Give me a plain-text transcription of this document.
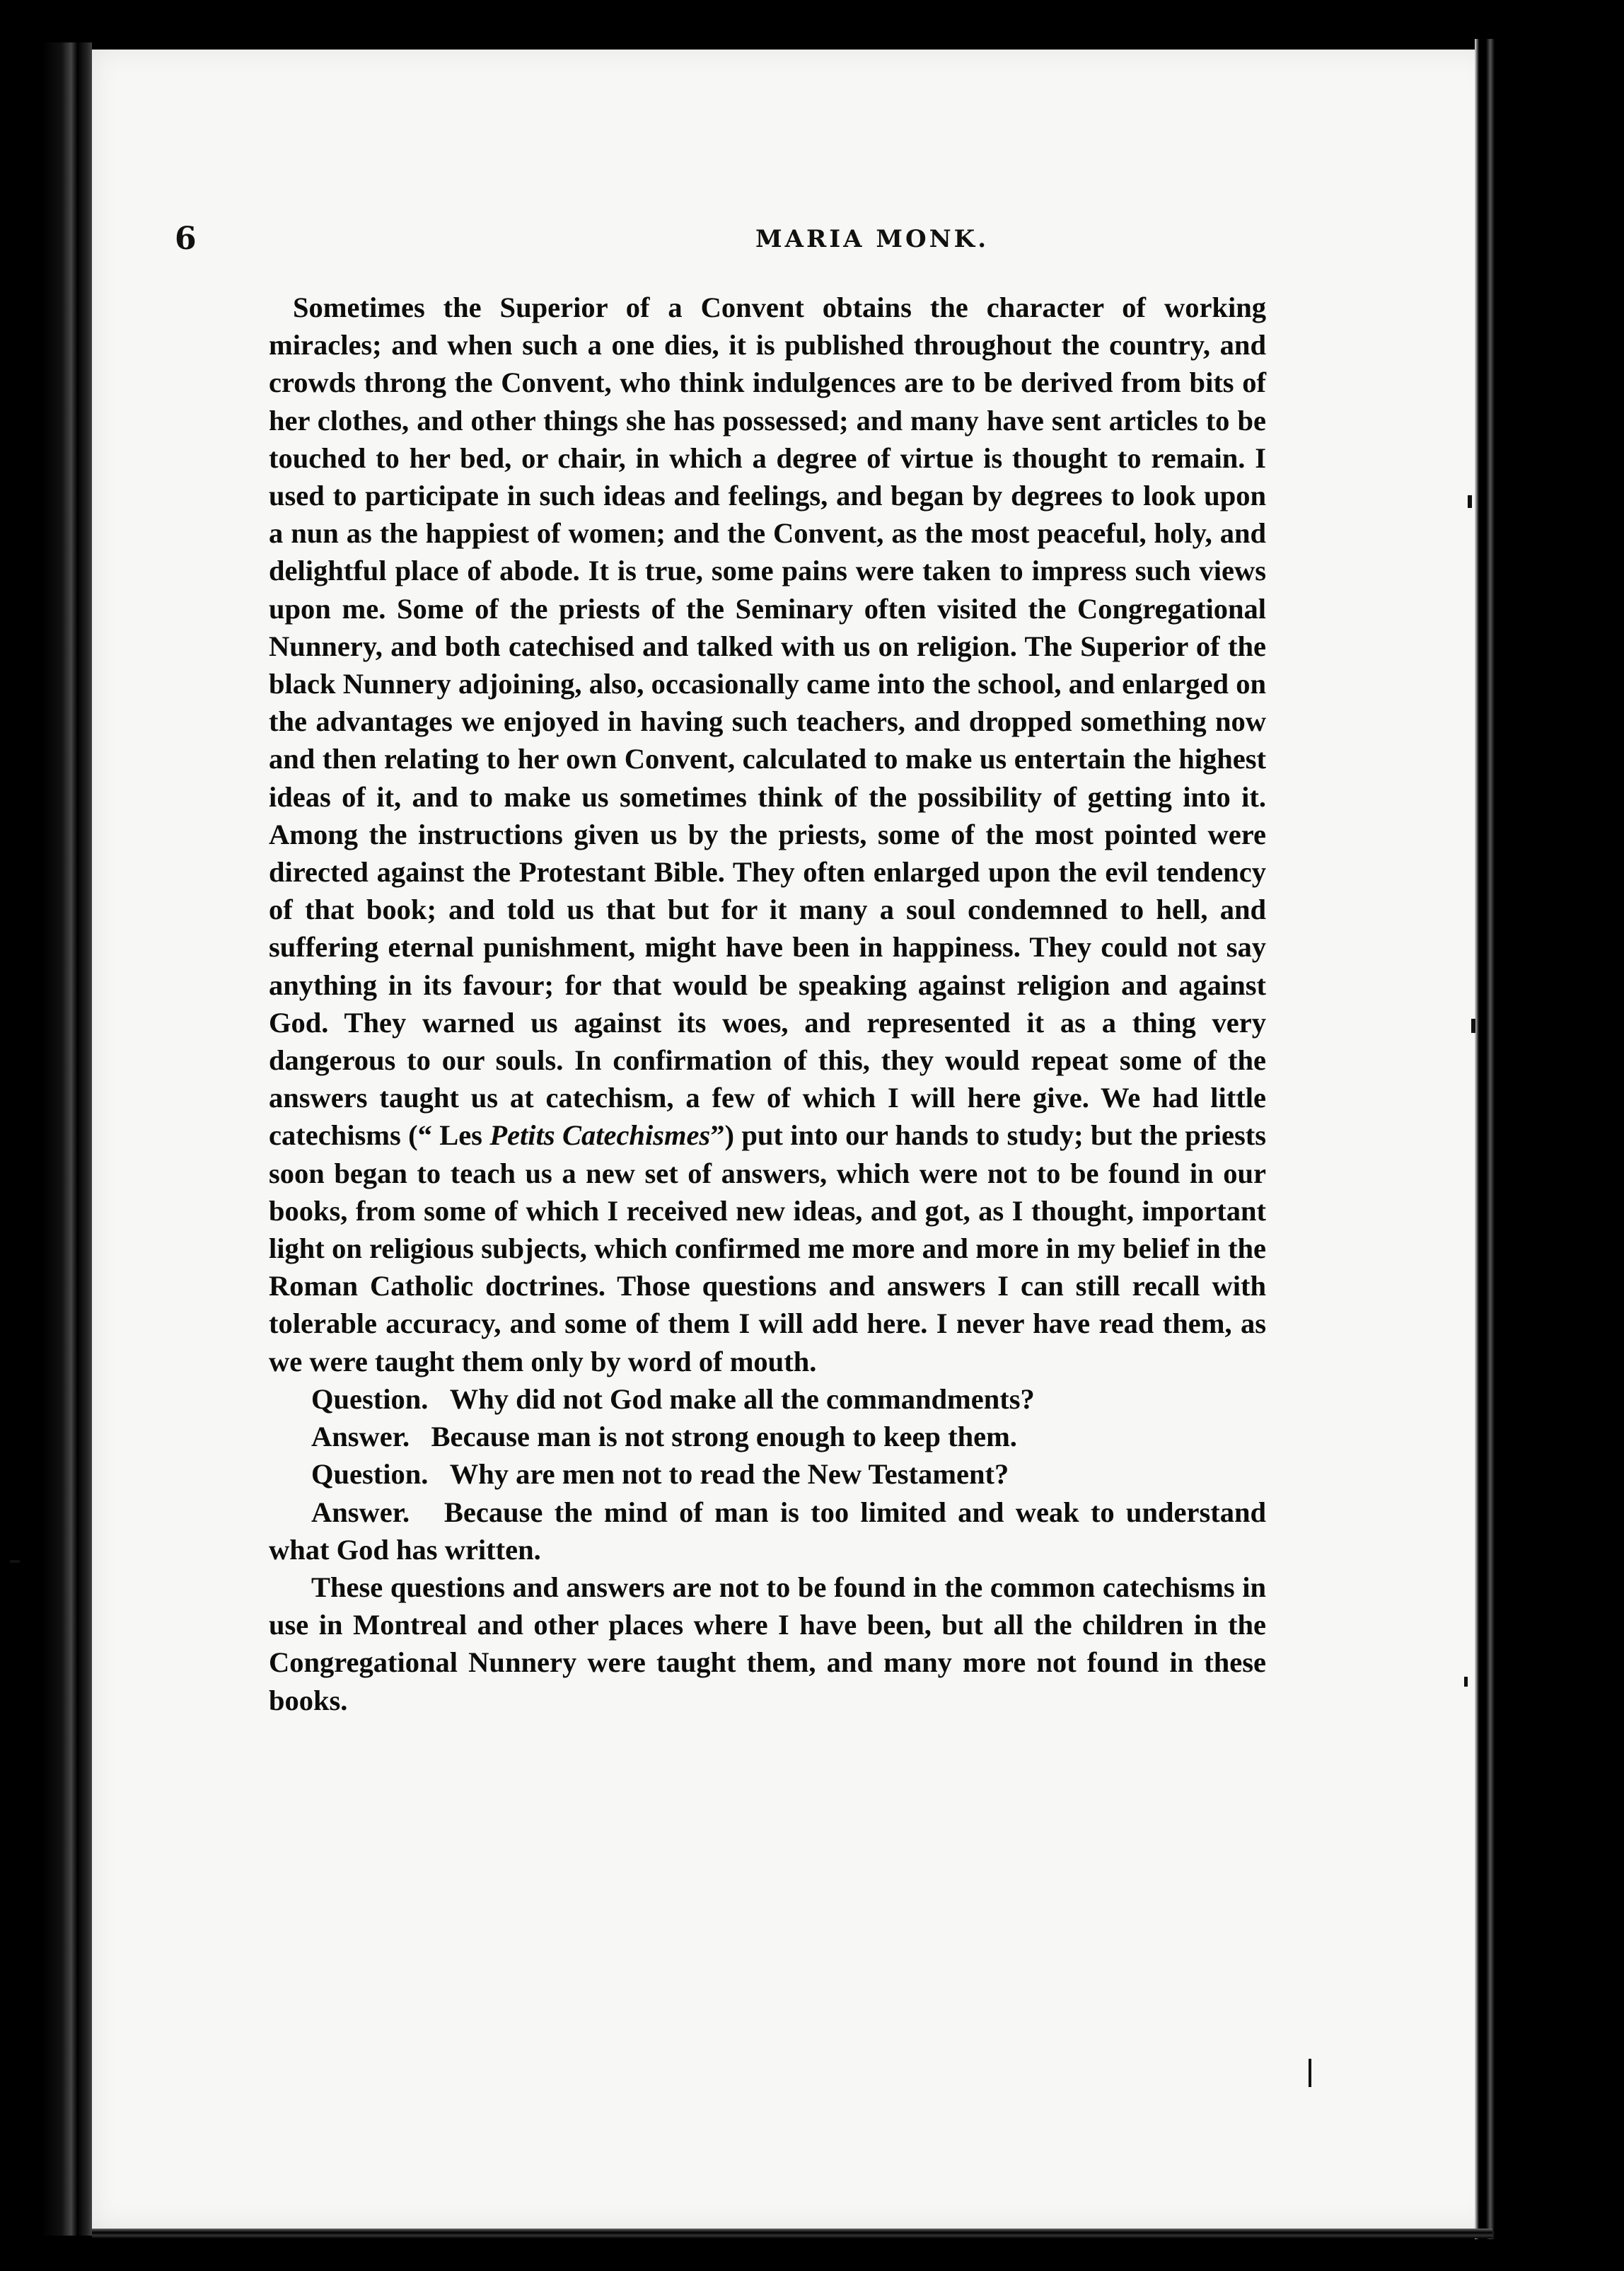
6	MARIA MONK.

Sometimes the Superior of a Convent obtains the character of working miracles; and when such a one dies, it is published throughout the country, and crowds throng the Convent, who think indulgences are to be derived from bits of her clothes, and other things she has possessed; and many have sent articles to be touched to her bed, or chair, in which a degree of virtue is thought to remain. I used to participate in such ideas and feelings, and began by degrees to look upon a nun as the happiest of women; and the Convent, as the most peaceful, holy, and delightful place of abode. It is true, some pains were taken to impress such views upon me. Some of the priests of the Seminary often visited the Congregational Nunnery, and both catechised and talked with us on religion. The Superior of the black Nunnery adjoining, also, occasionally came into the school, and enlarged on the advantages we enjoyed in having such teachers, and dropped something now and then relating to her own Convent, calculated to make us entertain the highest ideas of it, and to make us sometimes think of the possibility of getting into it. Among the instructions given us by the priests, some of the most pointed were directed against the Protestant Bible. They often enlarged upon the evil tendency of that book; and told us that but for it many a soul condemned to hell, and suffering eternal punishment, might have been in happiness. They could not say anything in its favour; for that would be speaking against religion and against God. They warned us against its woes, and represented it as a thing very dangerous to our souls. In confirmation of this, they would repeat some of the answers taught us at catechism, a few of which I will here give. We had little catechisms (“ Les Petits Catechismes”) put into our hands to study; but the priests soon began to teach us a new set of answers, which were not to be found in our books, from some of which I received new ideas, and got, as I thought, important light on religious subjects, which confirmed me more and more in my belief in the Roman Catholic doctrines. Those questions and answers I can still recall with tolerable accuracy, and some of them I will add here. I never have read them, as we were taught them only by word of mouth.

Question. Why did not God make all the commandments?

Answer. Because man is not strong enough to keep them.

Question. Why are men not to read the New Testament?

Answer. Because the mind of man is too limited and weak to understand what God has written.

These questions and answers are not to be found in the common catechisms in use in Montreal and other places where I have been, but all the children in the Congregational Nunnery were taught them, and many more not found in these books.
